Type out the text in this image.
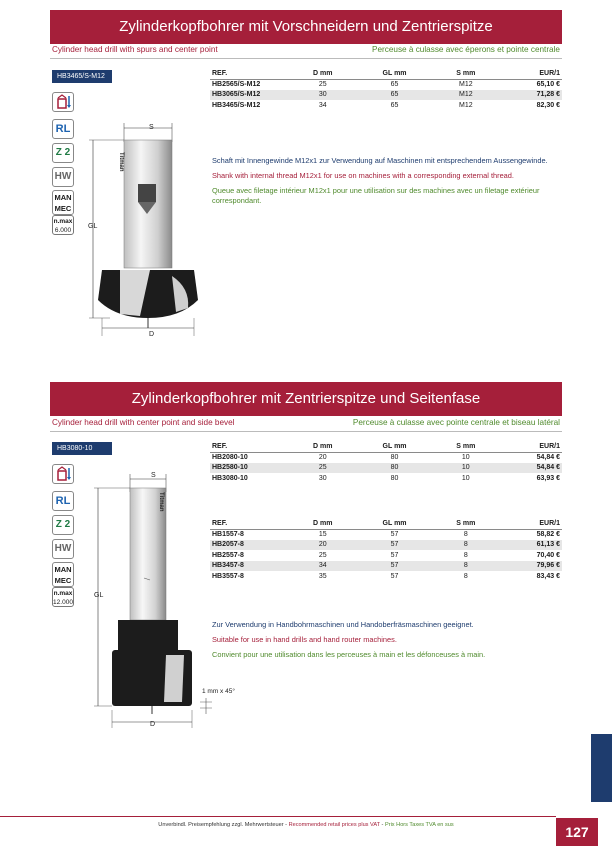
Zylinderkopfbohrer mit Vorschneidern und Zentrierspitze
Cylinder head drill with spurs and center point	Perceuse à culasse avec éperons et pointe centrale
HB3465/S-M12
RL
Z 2
HW
MAN
MEC
n.max
6.000
S
GL
D
Titman
REF.	D mm	GL mm	S mm	EUR/1
HB2565/S-M12	25	65	M12	65,10 €
HB3065/S-M12	30	65	M12	71,28 €
HB3465/S-M12	34	65	M12	82,30 €

Schaft mit Innengewinde M12x1 zur Verwendung auf Maschinen mit entsprechendem Aussengewinde.

Shank with internal thread M12x1 for use on machines with a corresponding external thread.

Queue avec filetage intérieur M12x1 pour une utilisation sur des machines avec un filetage extérieur correspondant.

Zylinderkopfbohrer mit Zentrierspitze und Seitenfase
Cylinder head drill with center point and side bevel	Perceuse à culasse avec pointe centrale et biseau latéral
HB3080-10
RL
Z 2
HW
MAN
MEC
n.max
12.000
S
GL
D
1 mm x 45°
Titman
REF.	D mm	GL mm	S mm	EUR/1
HB2080-10	20	80	10	54,84 €
HB2580-10	25	80	10	54,84 €
HB3080-10	30	80	10	63,93 €
REF.	D mm	GL mm	S mm	EUR/1
HB1557-8	15	57	8	58,82 €
HB2057-8	20	57	8	61,13 €
HB2557-8	25	57	8	70,40 €
HB3457-8	34	57	8	79,96 €
HB3557-8	35	57	8	83,43 €

Zur Verwendung in Handbohrmaschinen und Handoberfräsmaschinen geeignet.

Suitable for use in hand drills and hand router machines.

Convient pour une utilisation dans les perceuses à main et les défonceuses à main.

Unverbindl. Preisempfehlung zzgl. Mehrwertsteuer - Recommended retail prices plus VAT - Prix Hors Taxes TVA en sus	127
